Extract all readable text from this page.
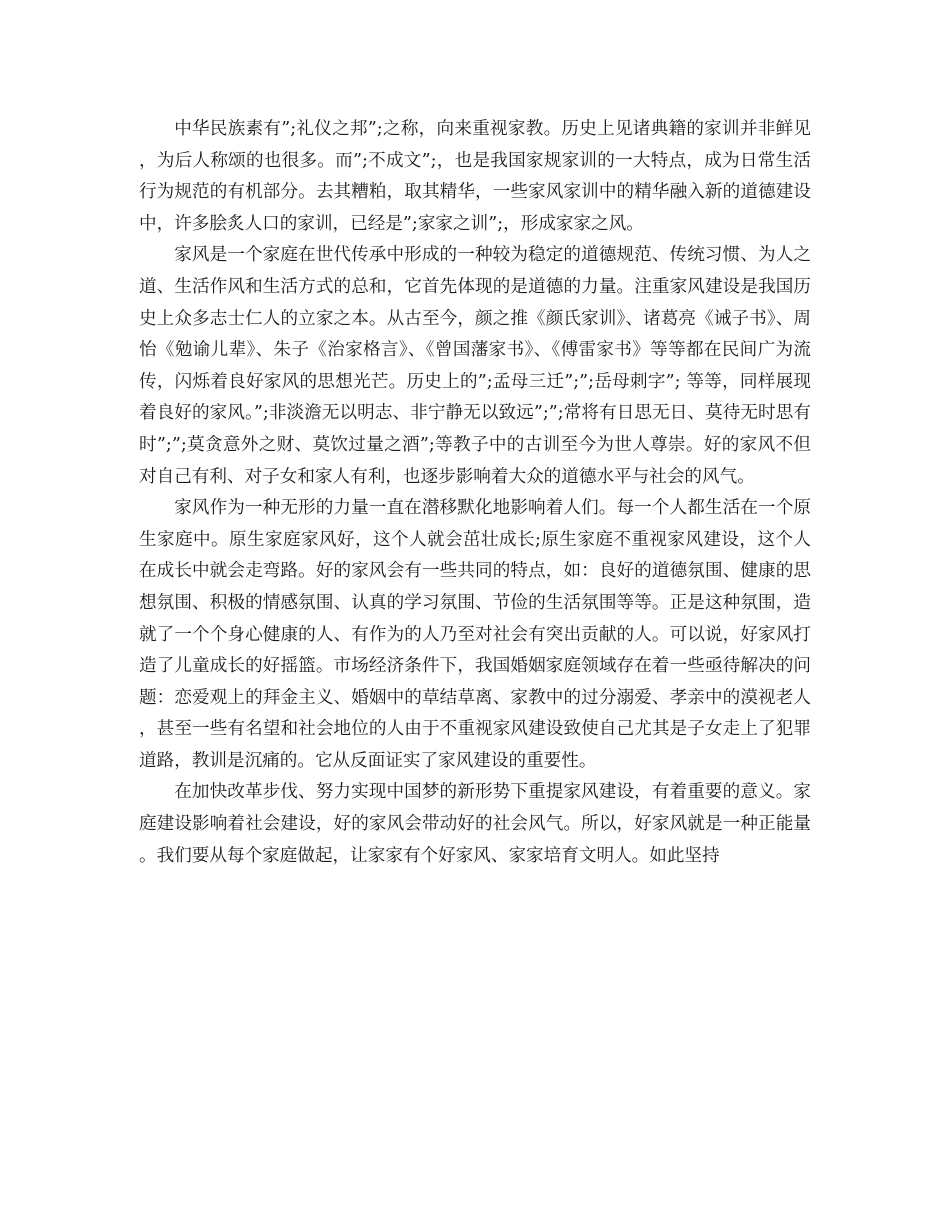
中华民族素有”;礼仪之邦”;之称，向来重视家教。历史上见诸典籍的家训并非鲜见，为后人称颂的也很多。而”;不成文”;，也是我国家规家训的一大特点，成为日常生活行为规范的有机部分。去其糟粕，取其精华，一些家风家训中的精华融入新的道德建设中，许多脍炙人口的家训，已经是”;家家之训”;，形成家家之风。

家风是一个家庭在世代传承中形成的一种较为稳定的道德规范、传统习惯、为人之道、生活作风和生活方式的总和，它首先体现的是道德的力量。注重家风建设是我国历史上众多志士仁人的立家之本。从古至今，颜之推《颜氏家训》、诸葛亮《诫子书》、周怡《勉谕儿辈》、朱子《治家格言》、《曾国藩家书》、《傅雷家书》等等都在民间广为流传，闪烁着良好家风的思想光芒。历史上的”;孟母三迁”;”;岳母刺字”; 等等，同样展现着良好的家风。”;非淡澹无以明志、非宁静无以致远”;”;常将有日思无日、莫待无时思有时”;”;莫贪意外之财、莫饮过量之酒”;等教子中的古训至今为世人尊崇。好的家风不但对自己有利、对子女和家人有利，也逐步影响着大众的道德水平与社会的风气。

家风作为一种无形的力量一直在潜移默化地影响着人们。每一个人都生活在一个原生家庭中。原生家庭家风好，这个人就会茁壮成长;原生家庭不重视家风建设，这个人在成长中就会走弯路。好的家风会有一些共同的特点，如：良好的道德氛围、健康的思想氛围、积极的情感氛围、认真的学习氛围、节俭的生活氛围等等。正是这种氛围，造就了一个个身心健康的人、有作为的人乃至对社会有突出贡献的人。可以说，好家风打造了儿童成长的好摇篮。市场经济条件下，我国婚姻家庭领域存在着一些亟待解决的问题：恋爱观上的拜金主义、婚姻中的草结草离、家教中的过分溺爱、孝亲中的漠视老人，甚至一些有名望和社会地位的人由于不重视家风建设致使自己尤其是子女走上了犯罪道路，教训是沉痛的。它从反面证实了家风建设的重要性。

在加快改革步伐、努力实现中国梦的新形势下重提家风建设，有着重要的意义。家庭建设影响着社会建设，好的家风会带动好的社会风气。所以，好家风就是一种正能量。我们要从每个家庭做起，让家家有个好家风、家家培育文明人。如此坚持
